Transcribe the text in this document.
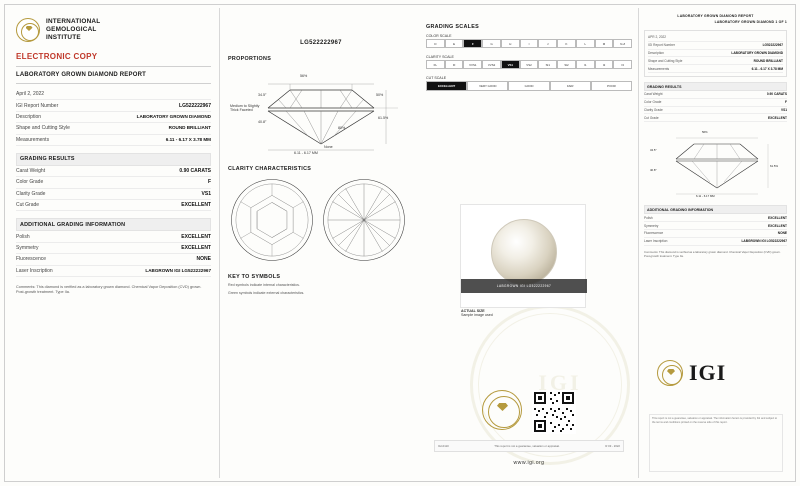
IGI
INTERNATIONAL
GEMOLOGICAL
INSTITUTE
ELECTRONIC COPY
LABORATORY GROWN DIAMOND REPORT
April 2, 2022
IGI Report Number	LG522222967
Description	LABORATORY GROWN DIAMOND
Shape and Cutting Style	ROUND BRILLIANT
Measurements	6.11 - 6.17 X 3.78 MM
GRADING RESULTS
Carat Weight	0.90 CARATS
Color Grade	F
Clarity Grade	VS1
Cut Grade	EXCELLENT
ADDITIONAL GRADING INFORMATION
Polish	EXCELLENT
Symmetry	EXCELLENT
Fluorescence	NONE
Laser Inscription	LABGROWN IGI LG522222967
Comments: This diamond is verified as a laboratory grown diamond. Chemical Vapor Deposition (CVD) grown. Post-growth treatment. Type IIa.
LG522222967
PROPORTIONS
56%
34.5°	50%
61.5%
40.8°
80%
Medium to Slightly Thick Faceted
6.11 - 6.17 MM
None
CLARITY CHARACTERISTICS
KEY TO SYMBOLS
Red symbols indicate internal characteristics.
Green symbols indicate external characteristics.
GRADING SCALES
COLOR SCALE
D	E	F	G	H	I	J	K	L	M	N-Z
CLARITY SCALE
FL	IF	VVS1	VVS2	VS1	VS2	SI1	SI2	I1	I2	I3
CUT SCALE
EXCELLENT	VERY GOOD	GOOD	FAIR	POOR
LABGROWN IGI LG522222967
ACTUAL SIZE
Sample image used
IGI-0110	This report is not a guarantee, valuation or appraisal.	R 03 - 2022
www.igi.org
LABORATORY GROWN DIAMOND REPORT
LABORATORY GROWN DIAMOND 1 OF 1
APR 2, 2022
IGI Report Number	LG522222967
Description	LABORATORY GROWN DIAMOND
Shape and Cutting Style	ROUND BRILLIANT
Measurements	6.11 - 6.17 X 3.78 MM
GRADING RESULTS
Carat Weight	0.90 CARATS
Color Grade	F
Clarity Grade	VS1
Cut Grade	EXCELLENT
56%
34.5°
40.8°
61.5%
6.11 - 6.17 MM
ADDITIONAL GRADING INFORMATION
Polish	EXCELLENT
Symmetry	EXCELLENT
Fluorescence	NONE
Laser Inscription	LABGROWN IGI LG522222967
Comments: This diamond is verified as a laboratory grown diamond. Chemical Vapor Deposition (CVD) grown. Post-growth treatment. Type IIa.
IGI
This report is not a guarantee, valuation or appraisal. The information herein is provided by IGI and subject to the terms and conditions printed on the reverse side of this report.
